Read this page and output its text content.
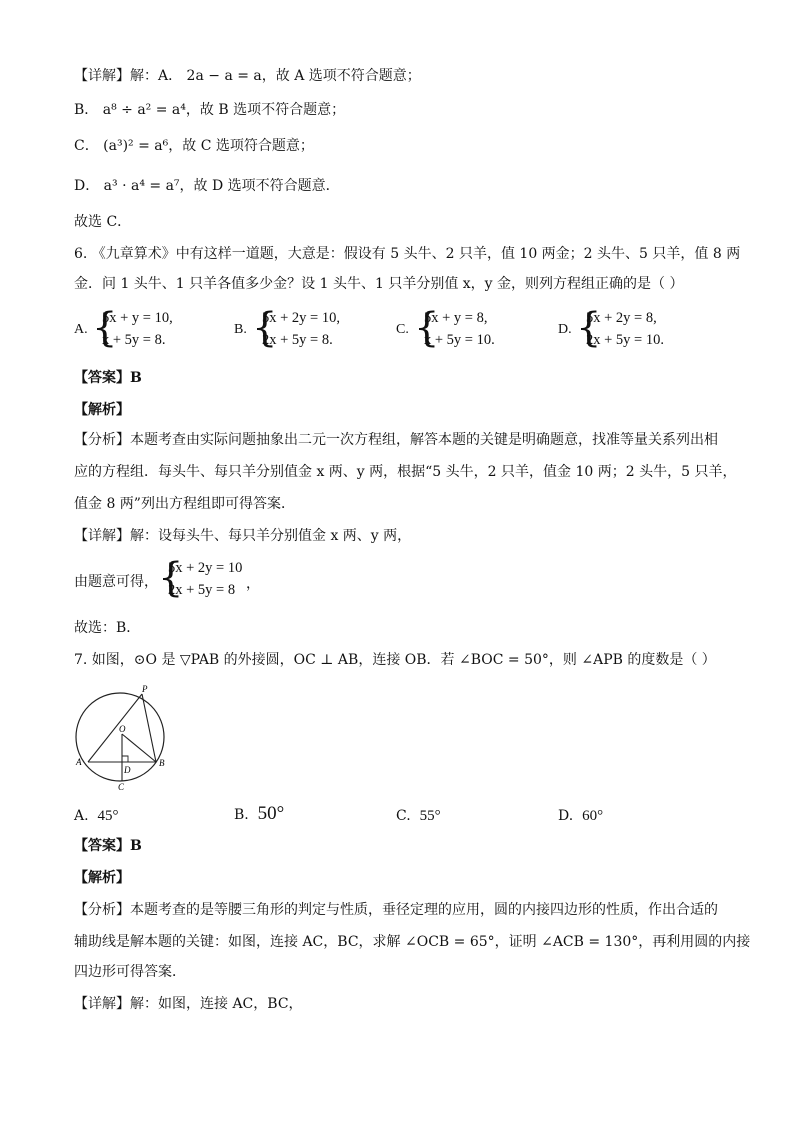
【详解】解：A． 2a − a = a，故 A 选项不符合题意；
B． a⁸ ÷ a² = a⁴，故 B 选项不符合题意；
C． (a³)² = a⁶，故 C 选项符合题意；
D． a³ · a⁴ = a⁷，故 D 选项不符合题意．
故选 C．
6. 《九章算术》中有这样一道题，大意是：假设有 5 头牛、2 只羊，值 10 两金；2 头牛、5 只羊，值 8 两
金．问 1 头牛、1 只羊各值多少金？设 1 头牛、1 只羊分别值 x，y 金，则列方程组正确的是（ ）
A. {
5x + y = 10,
x + 5y = 8.
B. {
5x + 2y = 10,
2x + 5y = 8.
C. {
5x + y = 8,
x + 5y = 10.
D. {
5x + 2y = 8,
2x + 5y = 10.
【答案】B
【解析】
【分析】本题考查由实际问题抽象出二元一次方程组，解答本题的关键是明确题意，找准等量关系列出相
应的方程组．每头牛、每只羊分别值金 x 两、y 两，根据“5 头牛，2 只羊，值金 10 两；2 头牛，5 只羊，
值金 8 两”列出方程组即可得答案．
【详解】解：设每头牛、每只羊分别值金 x 两、y 两，
由题意可得， {
5x + 2y = 10
2x + 5y = 8 ，
故选：B．
7. 如图，⊙O 是 ▽PAB 的外接圆，OC ⊥ AB，连接 OB．若 ∠BOC = 50°，则 ∠APB 的度数是（ ）
P
O
A	B
D
C
A. 45°	B. 50°	C. 55°	D. 60°
【答案】B
【解析】
【分析】本题考查的是等腰三角形的判定与性质，垂径定理的应用，圆的内接四边形的性质，作出合适的
辅助线是解本题的关键：如图，连接 AC，BC，求解 ∠OCB = 65°，证明 ∠ACB = 130°，再利用圆的内接
四边形可得答案．
【详解】解：如图，连接 AC，BC，
